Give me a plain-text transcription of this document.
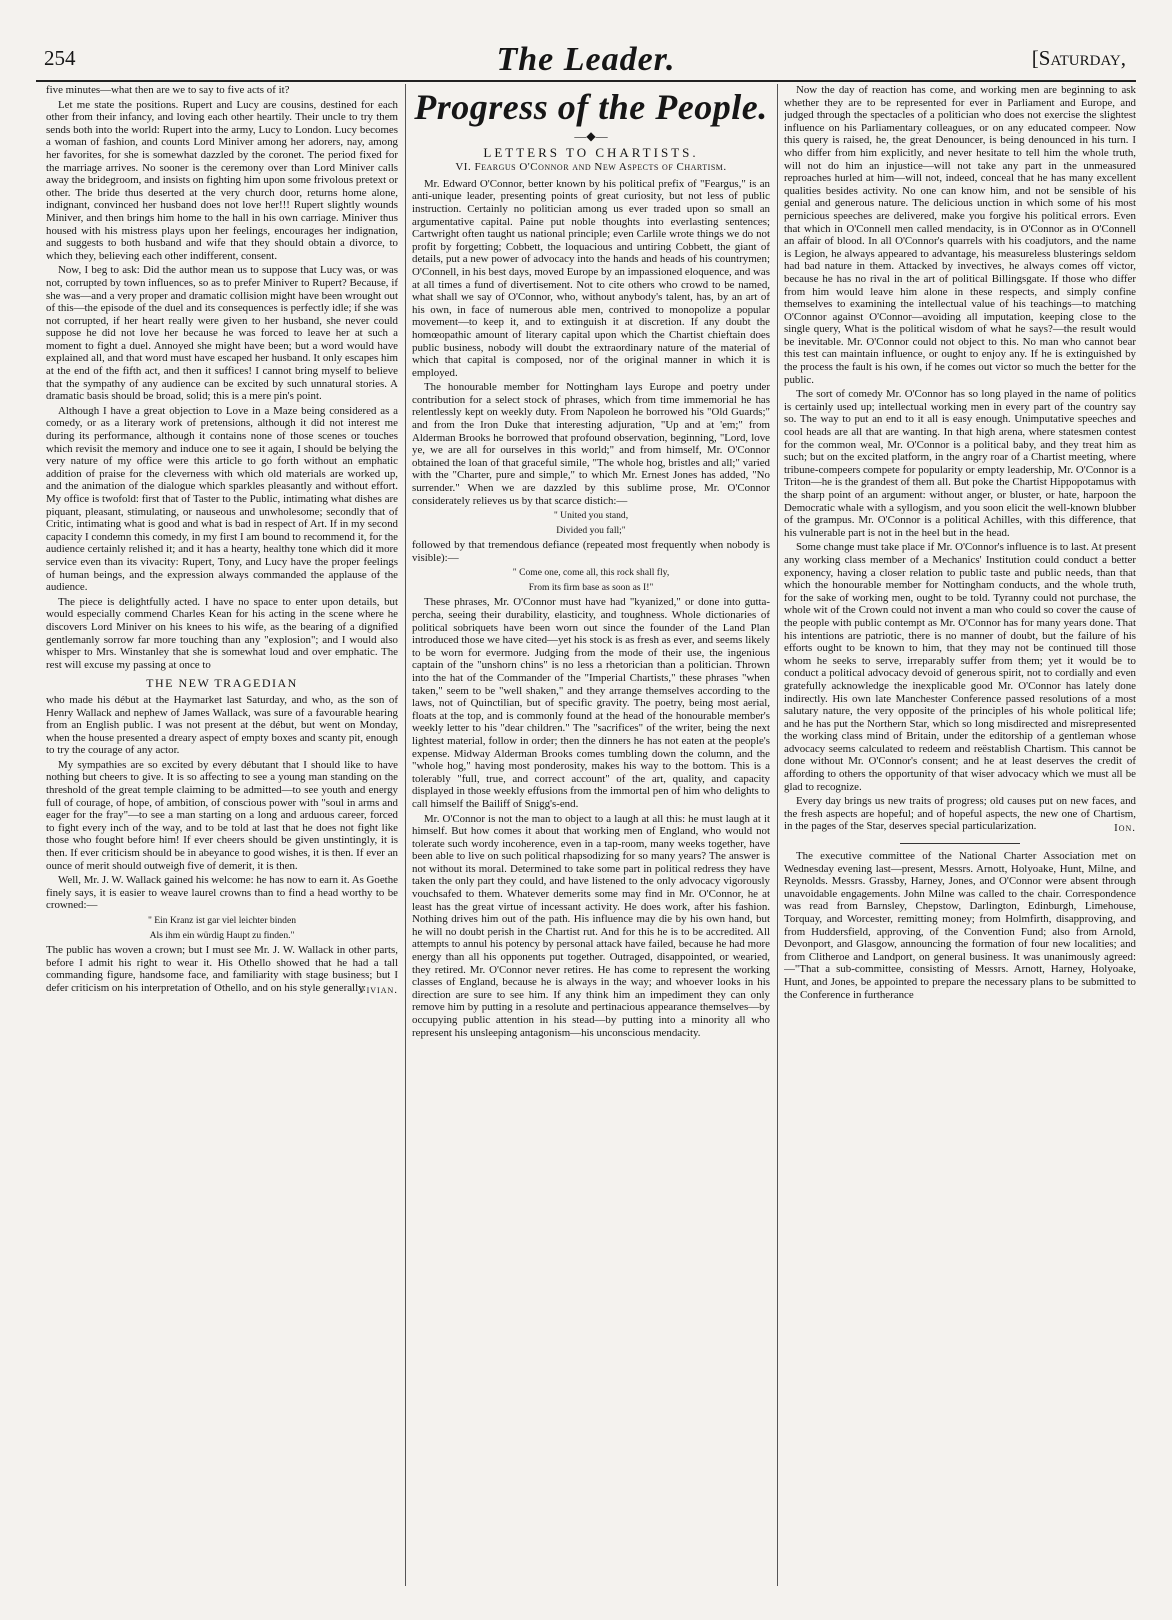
254	The Leader.	[Saturday,

five minutes—what then are we to say to five acts of it?

Let me state the positions. Rupert and Lucy are cousins, destined for each other from their infancy, and loving each other heartily. Their uncle to try them sends both into the world: Rupert into the army, Lucy to London. Lucy becomes a woman of fashion, and counts Lord Miniver among her adorers, nay, among her favorites, for she is somewhat dazzled by the coronet. The period fixed for the marriage arrives. No sooner is the ceremony over than Lord Miniver calls away the bridegroom, and insists on fighting him upon some frivolous pretext or other. The bride thus deserted at the very church door, returns home alone, indignant, convinced her husband does not love her!!! Rupert slightly wounds Miniver, and then brings him home to the hall in his own carriage. Miniver thus housed with his mistress plays upon her feelings, encourages her indignation, and suggests to both husband and wife that they should obtain a divorce, to which they, believing each other indifferent, consent.

Now, I beg to ask: Did the author mean us to suppose that Lucy was, or was not, corrupted by town influences, so as to prefer Miniver to Rupert? Because, if she was—and a very proper and dramatic collision might have been wrought out of this—the episode of the duel and its consequences is perfectly idle; if she was not corrupted, if her heart really were given to her husband, she never could suppose he did not love her because he was forced to leave her at such a moment to fight a duel. Annoyed she might have been; but a word would have explained all, and that word must have escaped her husband. It only escapes him at the end of the fifth act, and then it suffices! I cannot bring myself to believe that the sympathy of any audience can be excited by such unnatural stories. A dramatic basis should be broad, solid; this is a mere pin's point.

Although I have a great objection to Love in a Maze being considered as a comedy, or as a literary work of pretensions, although it did not interest me during its performance, although it contains none of those scenes or touches which revisit the memory and induce one to see it again, I should be belying the very nature of my office were this article to go forth without an emphatic addition of praise for the cleverness with which old materials are worked up, and the animation of the dialogue which sparkles pleasantly and without effort. My office is twofold: first that of Taster to the Public, intimating what dishes are piquant, pleasant, stimulating, or nauseous and unwholesome; secondly that of Critic, intimating what is good and what is bad in respect of Art. If in my second capacity I condemn this comedy, in my first I am bound to recommend it, for the audience certainly relished it; and it has a hearty, healthy tone which did it more service even than its vivacity: Rupert, Tony, and Lucy have the proper feelings of human beings, and the expression always commanded the applause of the audience.

The piece is delightfully acted. I have no space to enter upon details, but would especially commend Charles Kean for his acting in the scene where he discovers Lord Miniver on his knees to his wife, as the bearing of a dignified gentlemanly sorrow far more touching than any "explosion"; and I would also whisper to Mrs. Winstanley that she is somewhat loud and over emphatic. The rest will excuse my passing at once to

THE NEW TRAGEDIAN

who made his début at the Haymarket last Saturday, and who, as the son of Henry Wallack and nephew of James Wallack, was sure of a favourable hearing from an English public. I was not present at the début, but went on Monday, when the house presented a dreary aspect of empty boxes and scanty pit, enough to try the courage of any actor.

My sympathies are so excited by every débutant that I should like to have nothing but cheers to give. It is so affecting to see a young man standing on the threshold of the great temple claiming to be admitted—to see youth and energy full of courage, of hope, of ambition, of conscious power with "soul in arms and eager for the fray"—to see a man starting on a long and arduous career, forced to fight every inch of the way, and to be told at last that he does not fight like those who fought before him! If ever cheers should be given unstintingly, it is then. If ever criticism should be in abeyance to good wishes, it is then. If ever an ounce of merit should outweigh five of demerit, it is then.

Well, Mr. J. W. Wallack gained his welcome: he has now to earn it. As Goethe finely says, it is easier to weave laurel crowns than to find a head worthy to be crowned:—

" Ein Kranz ist gar viel leichter binden
Als ihm ein würdig Haupt zu finden."

The public has woven a crown; but I must see Mr. J. W. Wallack in other parts, before I admit his right to wear it. His Othello showed that he had a tall commanding figure, handsome face, and familiarity with stage business; but I defer criticism on his interpretation of Othello, and on his style generally.

Vivian.
Progress of the People.
—◆—
LETTERS TO CHARTISTS.
VI. Feargus O'Connor and New Aspects of Chartism.

Mr. Edward O'Connor, better known by his political prefix of "Feargus," is an anti-unique leader, presenting points of great curiosity, but not less of public instruction. Certainly no politician among us ever traded upon so small an argumentative capital. Paine put noble thoughts into everlasting sentences; Cartwright often taught us national principle; even Carlile wrote things we do not profit by forgetting; Cobbett, the loquacious and untiring Cobbett, the giant of details, put a new power of advocacy into the hands and heads of his countrymen; O'Connell, in his best days, moved Europe by an impassioned eloquence, and was at all times a fund of divertisement. Not to cite others who crowd to be named, what shall we say of O'Connor, who, without anybody's talent, has, by an art of his own, in face of numerous able men, contrived to monopolize a popular movement—to keep it, and to extinguish it at discretion. If any doubt the homœopathic amount of literary capital upon which the Chartist chieftain does public business, nobody will doubt the extraordinary nature of the material of which that capital is composed, nor of the original manner in which it is employed.

The honourable member for Nottingham lays Europe and poetry under contribution for a select stock of phrases, which from time immemorial he has relentlessly kept on weekly duty. From Napoleon he borrowed his "Old Guards;" and from the Iron Duke that interesting adjuration, "Up and at 'em;" from Alderman Brooks he borrowed that profound observation, beginning, "Lord, love ye, we are all for ourselves in this world;" and from himself, Mr. O'Connor obtained the loan of that graceful simile, "The whole hog, bristles and all;" varied with the "Charter, pure and simple," to which Mr. Ernest Jones has added, "No surrender." When we are dazzled by this sublime prose, Mr. O'Connor considerately relieves us by that scarce distich:—

" United you stand,
Divided you fall;"

followed by that tremendous defiance (repeated most frequently when nobody is visible):—

" Come one, come all, this rock shall fly,
From its firm base as soon as I!"

These phrases, Mr. O'Connor must have had "kyanized," or done into gutta-percha, seeing their durability, elasticity, and toughness. Whole dictionaries of political sobriquets have been worn out since the founder of the Land Plan introduced those we have cited—yet his stock is as fresh as ever, and seems likely to be worn for evermore. Judging from the mode of their use, the ingenious captain of the "unshorn chins" is no less a rhetorician than a politician. Thrown into the hat of the Commander of the "Imperial Chartists," these phrases "when taken," seem to be "well shaken," and they arrange themselves according to the laws, not of Quinctilian, but of specific gravity. The poetry, being most aerial, floats at the top, and is commonly found at the head of the honourable member's weekly letter to his "dear children." The "sacrifices" of the writer, being the next lightest material, follow in order; then the dinners he has not eaten at the people's expense. Midway Alderman Brooks comes tumbling down the column, and the "whole hog," having most ponderosity, makes his way to the bottom. This is a tolerably "full, true, and correct account" of the art, quality, and capacity displayed in those weekly effusions from the immortal pen of him who delights to call himself the Bailiff of Snigg's-end.

Mr. O'Connor is not the man to object to a laugh at all this: he must laugh at it himself. But how comes it about that working men of England, who would not tolerate such wordy incoherence, even in a tap-room, many weeks together, have been able to live on such political rhapsodizing for so many years? The answer is not without its moral. Determined to take some part in political redress they have taken the only part they could, and have listened to the only advocacy vigorously vouchsafed to them. Whatever demerits some may find in Mr. O'Connor, he at least has the great virtue of incessant activity. He does work, after his fashion. Nothing drives him out of the path. His influence may die by his own hand, but he will no doubt perish in the Chartist rut. And for this he is to be accredited. All attempts to annul his potency by personal attack have failed, because he had more energy than all his opponents put together. Outraged, disappointed, or wearied, they retired. Mr. O'Connor never retires. He has come to represent the working classes of England, because he is always in the way; and whoever looks in his direction are sure to see him. If any think him an impediment they can only remove him by putting in a resolute and pertinacious appearance themselves—by occupying public attention in his stead—by putting into a minority all who represent his unsleeping antagonism—his unconscious mendacity.

Now the day of reaction has come, and working men are beginning to ask whether they are to be represented for ever in Parliament and Europe, and judged through the spectacles of a politician who does not exercise the slightest influence on his Parliamentary colleagues, or on any educated compeer. Now this query is raised, he, the great Denouncer, is being denounced in his turn. I who differ from him explicitly, and never hesitate to tell him the whole truth, will not do him an injustice—will not take any part in the unmeasured reproaches hurled at him—will not, indeed, conceal that he has many excellent qualities besides activity. No one can know him, and not be sensible of his genial and generous nature. The delicious unction in which some of his most pernicious speeches are delivered, make you forgive his political errors. Even that which in O'Connell men called mendacity, is in O'Connor as in O'Connell an affair of blood. In all O'Connor's quarrels with his coadjutors, and the name is Legion, he always appeared to advantage, his measureless blusterings seldom had bad nature in them. Attacked by invectives, he always comes off victor, because he has no rival in the art of political Billingsgate. If those who differ from him would leave him alone in these respects, and simply confine themselves to examining the intellectual value of his teachings—to matching O'Connor against O'Connor—avoiding all imputation, keeping close to the single query, What is the political wisdom of what he says?—the result would be inevitable. Mr. O'Connor could not object to this. No man who cannot bear this test can maintain influence, or ought to enjoy any. If he is extinguished by the process the fault is his own, if he comes out victor so much the better for the public.

The sort of comedy Mr. O'Connor has so long played in the name of politics is certainly used up; intellectual working men in every part of the country say so. The way to put an end to it all is easy enough. Unimputative speeches and cool heads are all that are wanting. In that high arena, where statesmen contest for the common weal, Mr. O'Connor is a political baby, and they treat him as such; but on the excited platform, in the angry roar of a Chartist meeting, where tribune-compeers compete for popularity or empty leadership, Mr. O'Connor is a Triton—he is the grandest of them all. But poke the Chartist Hippopotamus with the sharp point of an argument: without anger, or bluster, or hate, harpoon the Democratic whale with a syllogism, and you soon elicit the well-known blubber of the grampus. Mr. O'Connor is a political Achilles, with this difference, that his vulnerable part is not in the heel but in the head.

Some change must take place if Mr. O'Connor's influence is to last. At present any working class member of a Mechanics' Institution could conduct a better exponency, having a closer relation to public taste and public needs, than that which the honourable member for Nottingham conducts, and the whole truth, for the sake of working men, ought to be told. Tyranny could not purchase, the whole wit of the Crown could not invent a man who could so cover the cause of the people with public contempt as Mr. O'Connor has for many years done. That his intentions are patriotic, there is no manner of doubt, but the failure of his efforts ought to be known to him, that they may not be continued till those whom he seeks to serve, irreparably suffer from them; yet it would be to conduct a political advocacy devoid of generous spirit, not to cordially and even gratefully acknowledge the inexplicable good Mr. O'Connor has lately done indirectly. His own late Manchester Conference passed resolutions of a most salutary nature, the very opposite of the principles of his whole political life; and he has put the Northern Star, which so long misdirected and misrepresented the working class mind of Britain, under the editorship of a gentleman whose advocacy seems calculated to redeem and reëstablish Chartism. This cannot be done without Mr. O'Connor's consent; and he at least deserves the credit of affording to others the opportunity of that wiser advocacy which we must all be glad to recognize.

Every day brings us new traits of progress; old causes put on new faces, and the fresh aspects are hopeful; and of hopeful aspects, the new one of Chartism, in the pages of the Star, deserves special particularization.	Ion.

The executive committee of the National Charter Association met on Wednesday evening last—present, Messrs. Arnott, Holyoake, Hunt, Milne, and Reynolds. Messrs. Grassby, Harney, Jones, and O'Connor were absent through unavoidable engagements. John Milne was called to the chair. Correspondence was read from Barnsley, Chepstow, Darlington, Edinburgh, Limehouse, Torquay, and Worcester, remitting money; from Holmfirth, disapproving, and from Huddersfield, approving, of the Convention Fund; also from Arnold, Devonport, and Glasgow, announcing the formation of four new localities; and from Clitheroe and Landport, on general business. It was unanimously agreed:—"That a sub-committee, consisting of Messrs. Arnott, Harney, Holyoake, Hunt, and Jones, be appointed to prepare the necessary plans to be submitted to the Conference in furtherance
